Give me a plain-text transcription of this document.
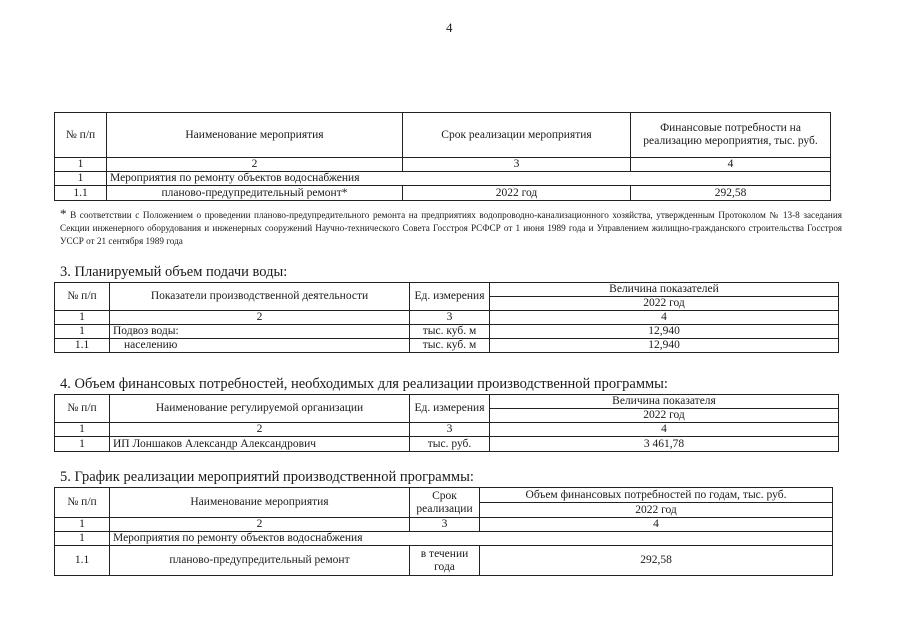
4
№ п/п	Наименование мероприятия	Срок реализации мероприятия	Финансовые потребности на реализацию мероприятия, тыс. руб.
1	2	3	4
1	Мероприятия по ремонту объектов водоснабжения		
1.1	планово-предупредительный ремонт*	2022 год	292,58
* В соответствии с Положением о проведении планово-предупредительного ремонта на предприятиях водопроводно-канализационного хозяйства, утвержденным Протоколом № 13-8 заседания Секции инженерного оборудования и инженерных сооружений Научно-технического Совета Госстроя РСФСР от 1 июня 1989 года и Управлением жилищно-гражданского строительства Госстроя УССР от 21 сентября 1989 года
3. Планируемый объем подачи воды:
№ п/п	Показатели производственной деятельности	Ед. измерения	Величина показателей
			2022 год
1	2	3	4
1	Подвоз воды:	тыс. куб. м	12,940
1.1	населению	тыс. куб. м	12,940
4. Объем финансовых потребностей, необходимых для реализации производственной программы:
№ п/п	Наименование регулируемой организации	Ед. измерения	Величина показателя
			2022 год
1	2	3	4
1	ИП Лоншаков Александр Александрович	тыс. руб.	3 461,78
5. График реализации мероприятий производственной программы:
№ п/п	Наименование мероприятия	Срок реализации	Объем финансовых потребностей по годам, тыс. руб.
			2022 год
1	2	3	4
1	Мероприятия по ремонту объектов водоснабжения		
1.1	планово-предупредительный ремонт	в течении года	292,58
